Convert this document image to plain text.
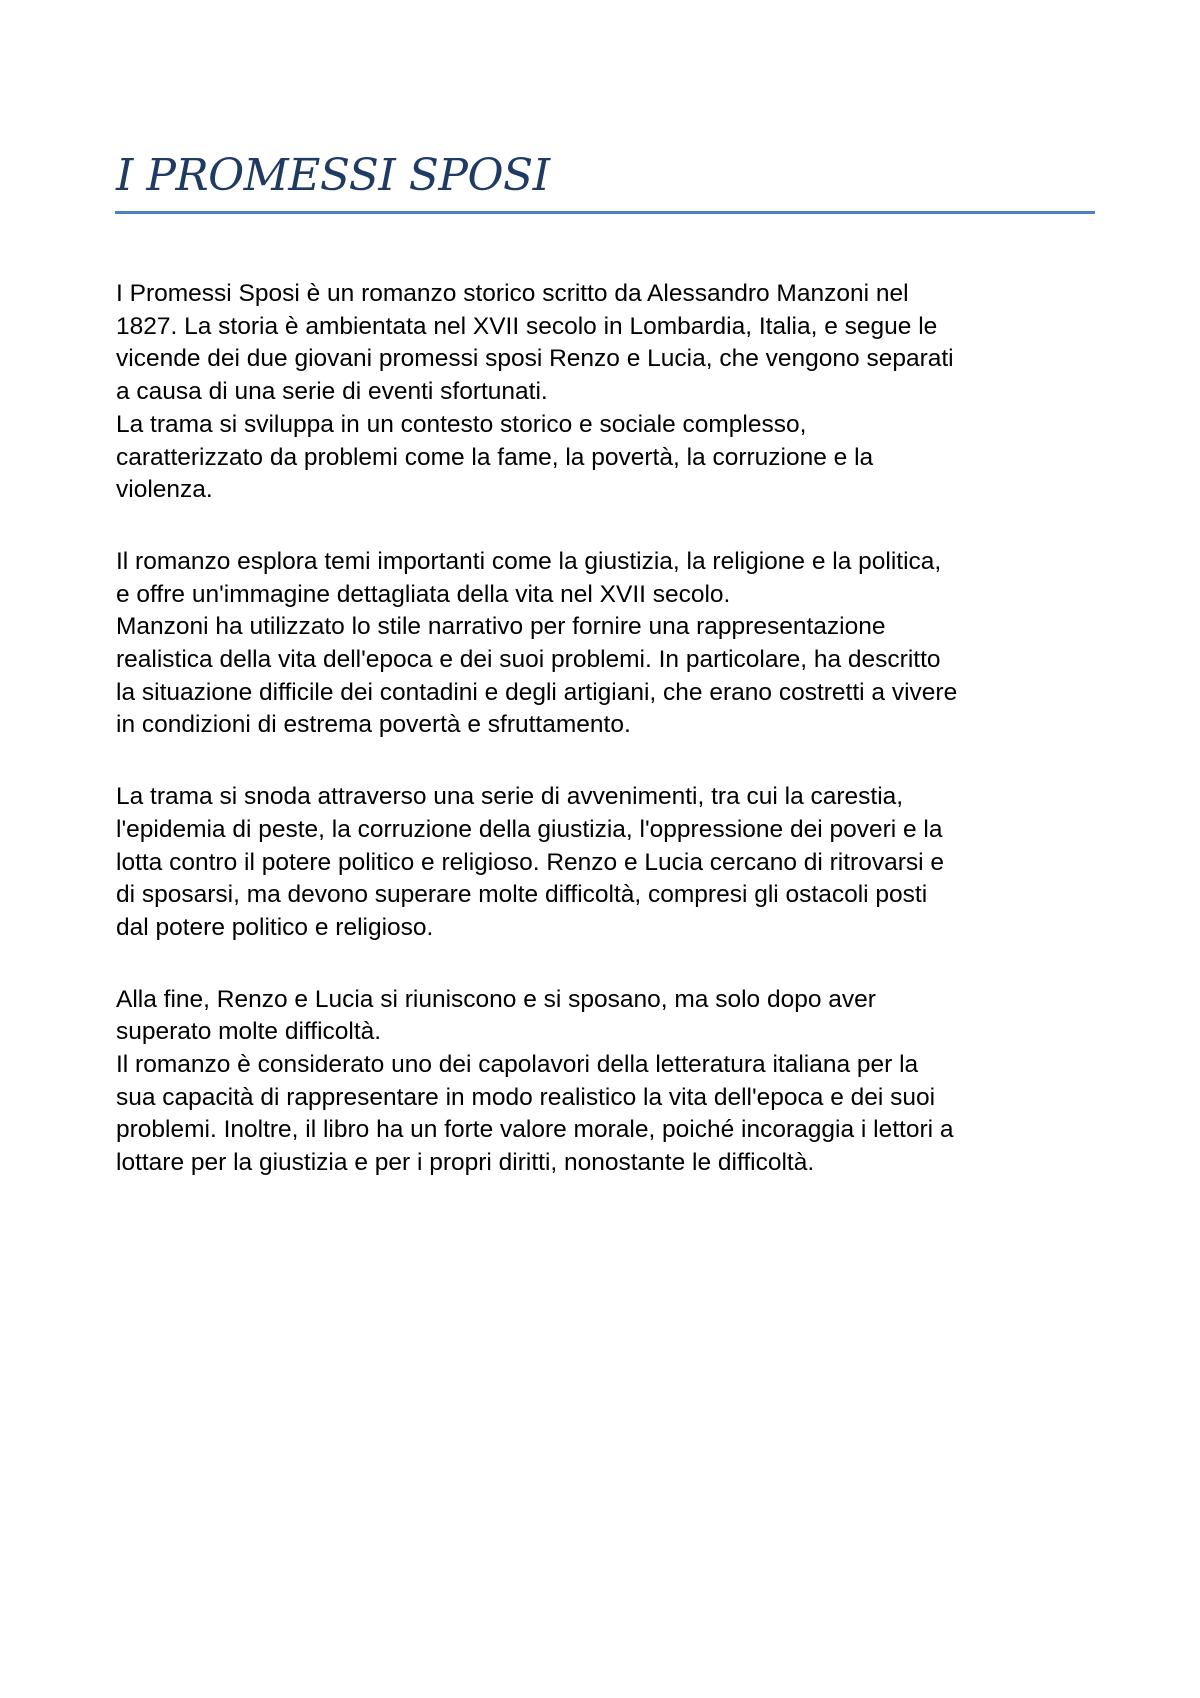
I PROMESSI SPOSI
I Promessi Sposi è un romanzo storico scritto da Alessandro Manzoni nel
1827. La storia è ambientata nel XVII secolo in Lombardia, Italia, e segue le
vicende dei due giovani promessi sposi Renzo e Lucia, che vengono separati
a causa di una serie di eventi sfortunati.
La trama si sviluppa in un contesto storico e sociale complesso,
caratterizzato da problemi come la fame, la povertà, la corruzione e la
violenza.
Il romanzo esplora temi importanti come la giustizia, la religione e la politica,
e offre un'immagine dettagliata della vita nel XVII secolo.
Manzoni ha utilizzato lo stile narrativo per fornire una rappresentazione
realistica della vita dell'epoca e dei suoi problemi. In particolare, ha descritto
la situazione difficile dei contadini e degli artigiani, che erano costretti a vivere
in condizioni di estrema povertà e sfruttamento.
La trama si snoda attraverso una serie di avvenimenti, tra cui la carestia,
l'epidemia di peste, la corruzione della giustizia, l'oppressione dei poveri e la
lotta contro il potere politico e religioso. Renzo e Lucia cercano di ritrovarsi e
di sposarsi, ma devono superare molte difficoltà, compresi gli ostacoli posti
dal potere politico e religioso.
Alla fine, Renzo e Lucia si riuniscono e si sposano, ma solo dopo aver
superato molte difficoltà.
Il romanzo è considerato uno dei capolavori della letteratura italiana per la
sua capacità di rappresentare in modo realistico la vita dell'epoca e dei suoi
problemi. Inoltre, il libro ha un forte valore morale, poiché incoraggia i lettori a
lottare per la giustizia e per i propri diritti, nonostante le difficoltà.
